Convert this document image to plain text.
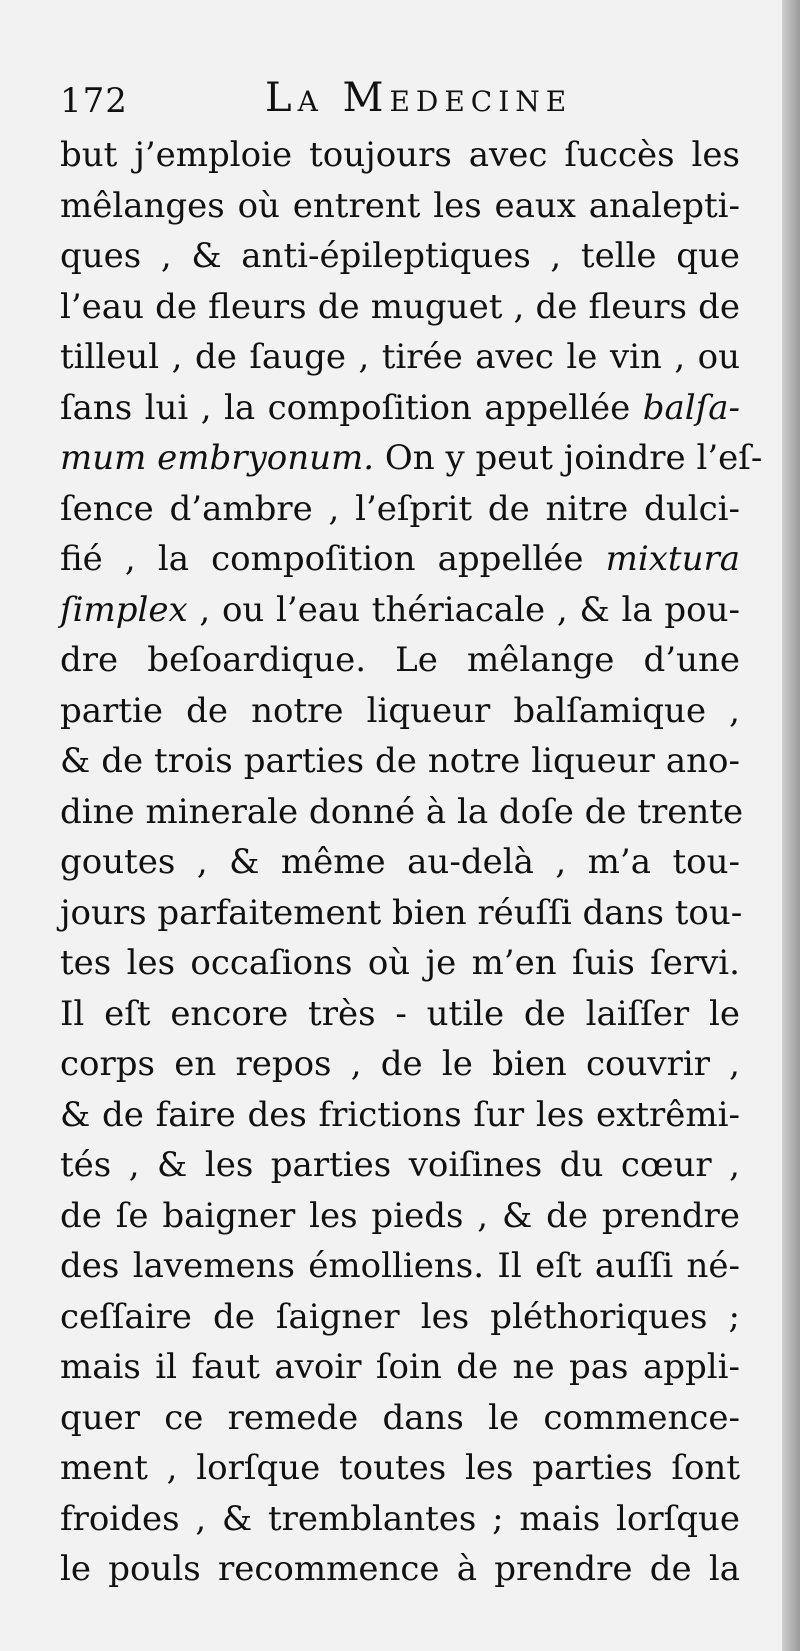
172	La Medecine
but j’emploie toujours avec ſuccès les
mêlanges où entrent les eaux analepti-
ques , & anti-épileptiques , telle que
l’eau de fleurs de muguet , de fleurs de
tilleul , de ſauge , tirée avec le vin , ou
ſans lui , la compoſition appellée balſa-
mum embryonum. On y peut joindre l’eſ-
ſence d’ambre , l’eſprit de nitre dulci-
fié , la compoſition appellée mixtura
ſimplex , ou l’eau thériacale , & la pou-
dre beſoardique. Le mêlange d’une
partie de notre liqueur balſamique ,
& de trois parties de notre liqueur ano-
dine minerale donné à la doſe de trente
goutes , & même au-delà , m’a tou-
jours parfaitement bien réuſſi dans tou-
tes les occaſions où je m’en ſuis ſervi.
Il eſt encore très - utile de laiſſer le
corps en repos , de le bien couvrir ,
& de faire des frictions ſur les extrêmi-
tés , & les parties voiſines du cœur ,
de ſe baigner les pieds , & de prendre
des lavemens émolliens. Il eſt auſſi né-
ceſſaire de ſaigner les pléthoriques ;
mais il faut avoir ſoin de ne pas appli-
quer ce remede dans le commence-
ment , lorſque toutes les parties ſont
froides , & tremblantes ; mais lorſque
le pouls recommence à prendre de la
